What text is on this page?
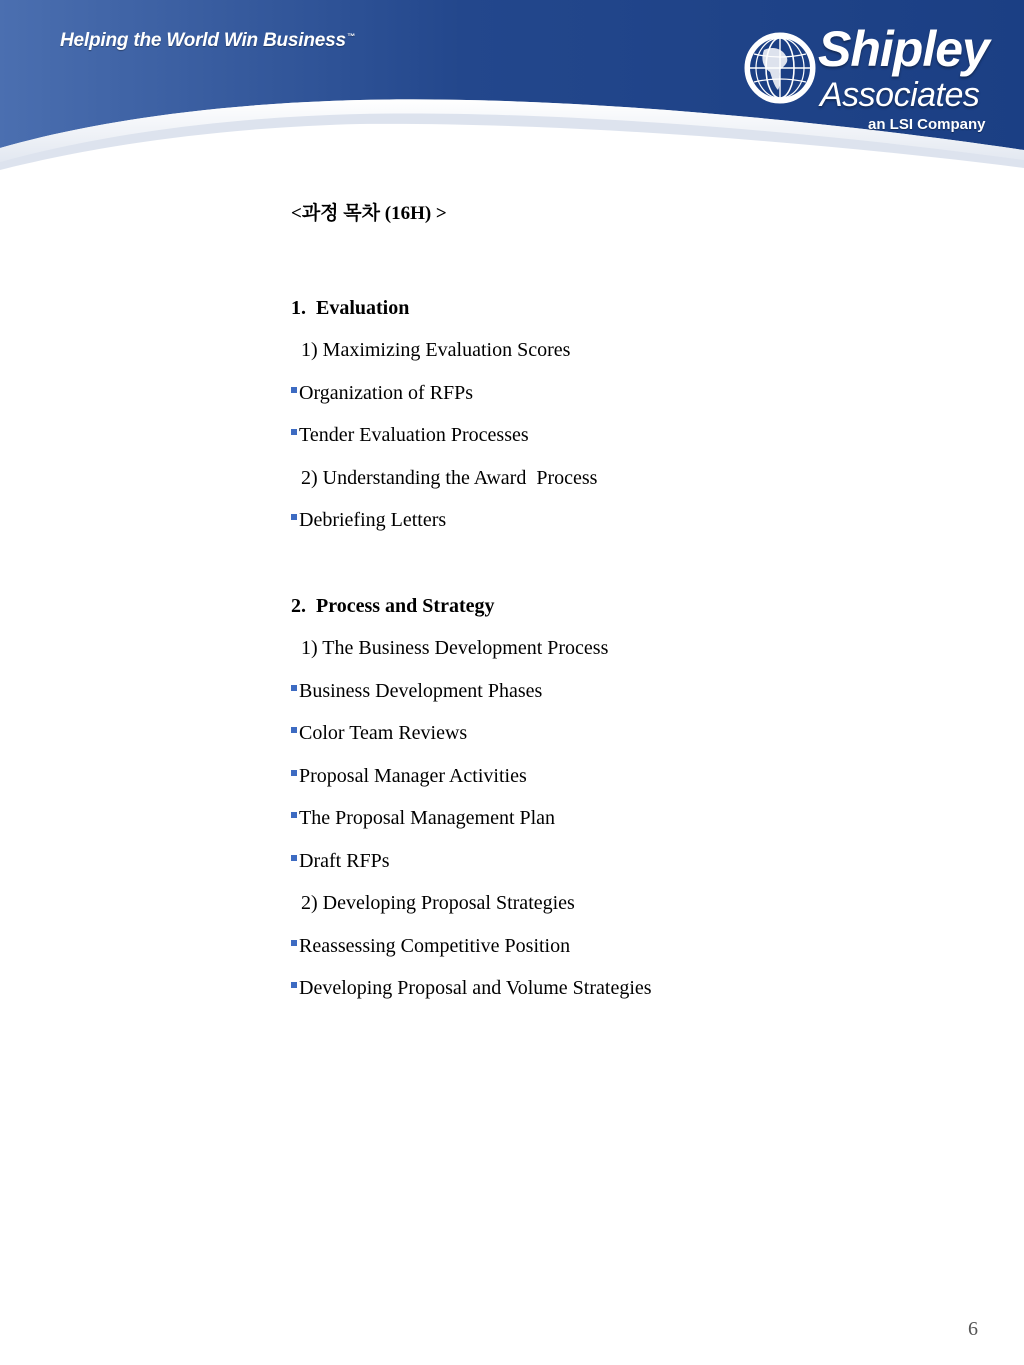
Helping the World Win Business™	Shipley
Associates
an LSI Company
<과정 목차 (16H) >
1.  Evaluation
1) Maximizing Evaluation Scores
Organization of RFPs
Tender Evaluation Processes
2) Understanding the Award  Process
Debriefing Letters
2.  Process and Strategy
1) The Business Development Process
Business Development Phases
Color Team Reviews
Proposal Manager Activities
The Proposal Management Plan
Draft RFPs
2) Developing Proposal Strategies
Reassessing Competitive Position
Developing Proposal and Volume Strategies
6
